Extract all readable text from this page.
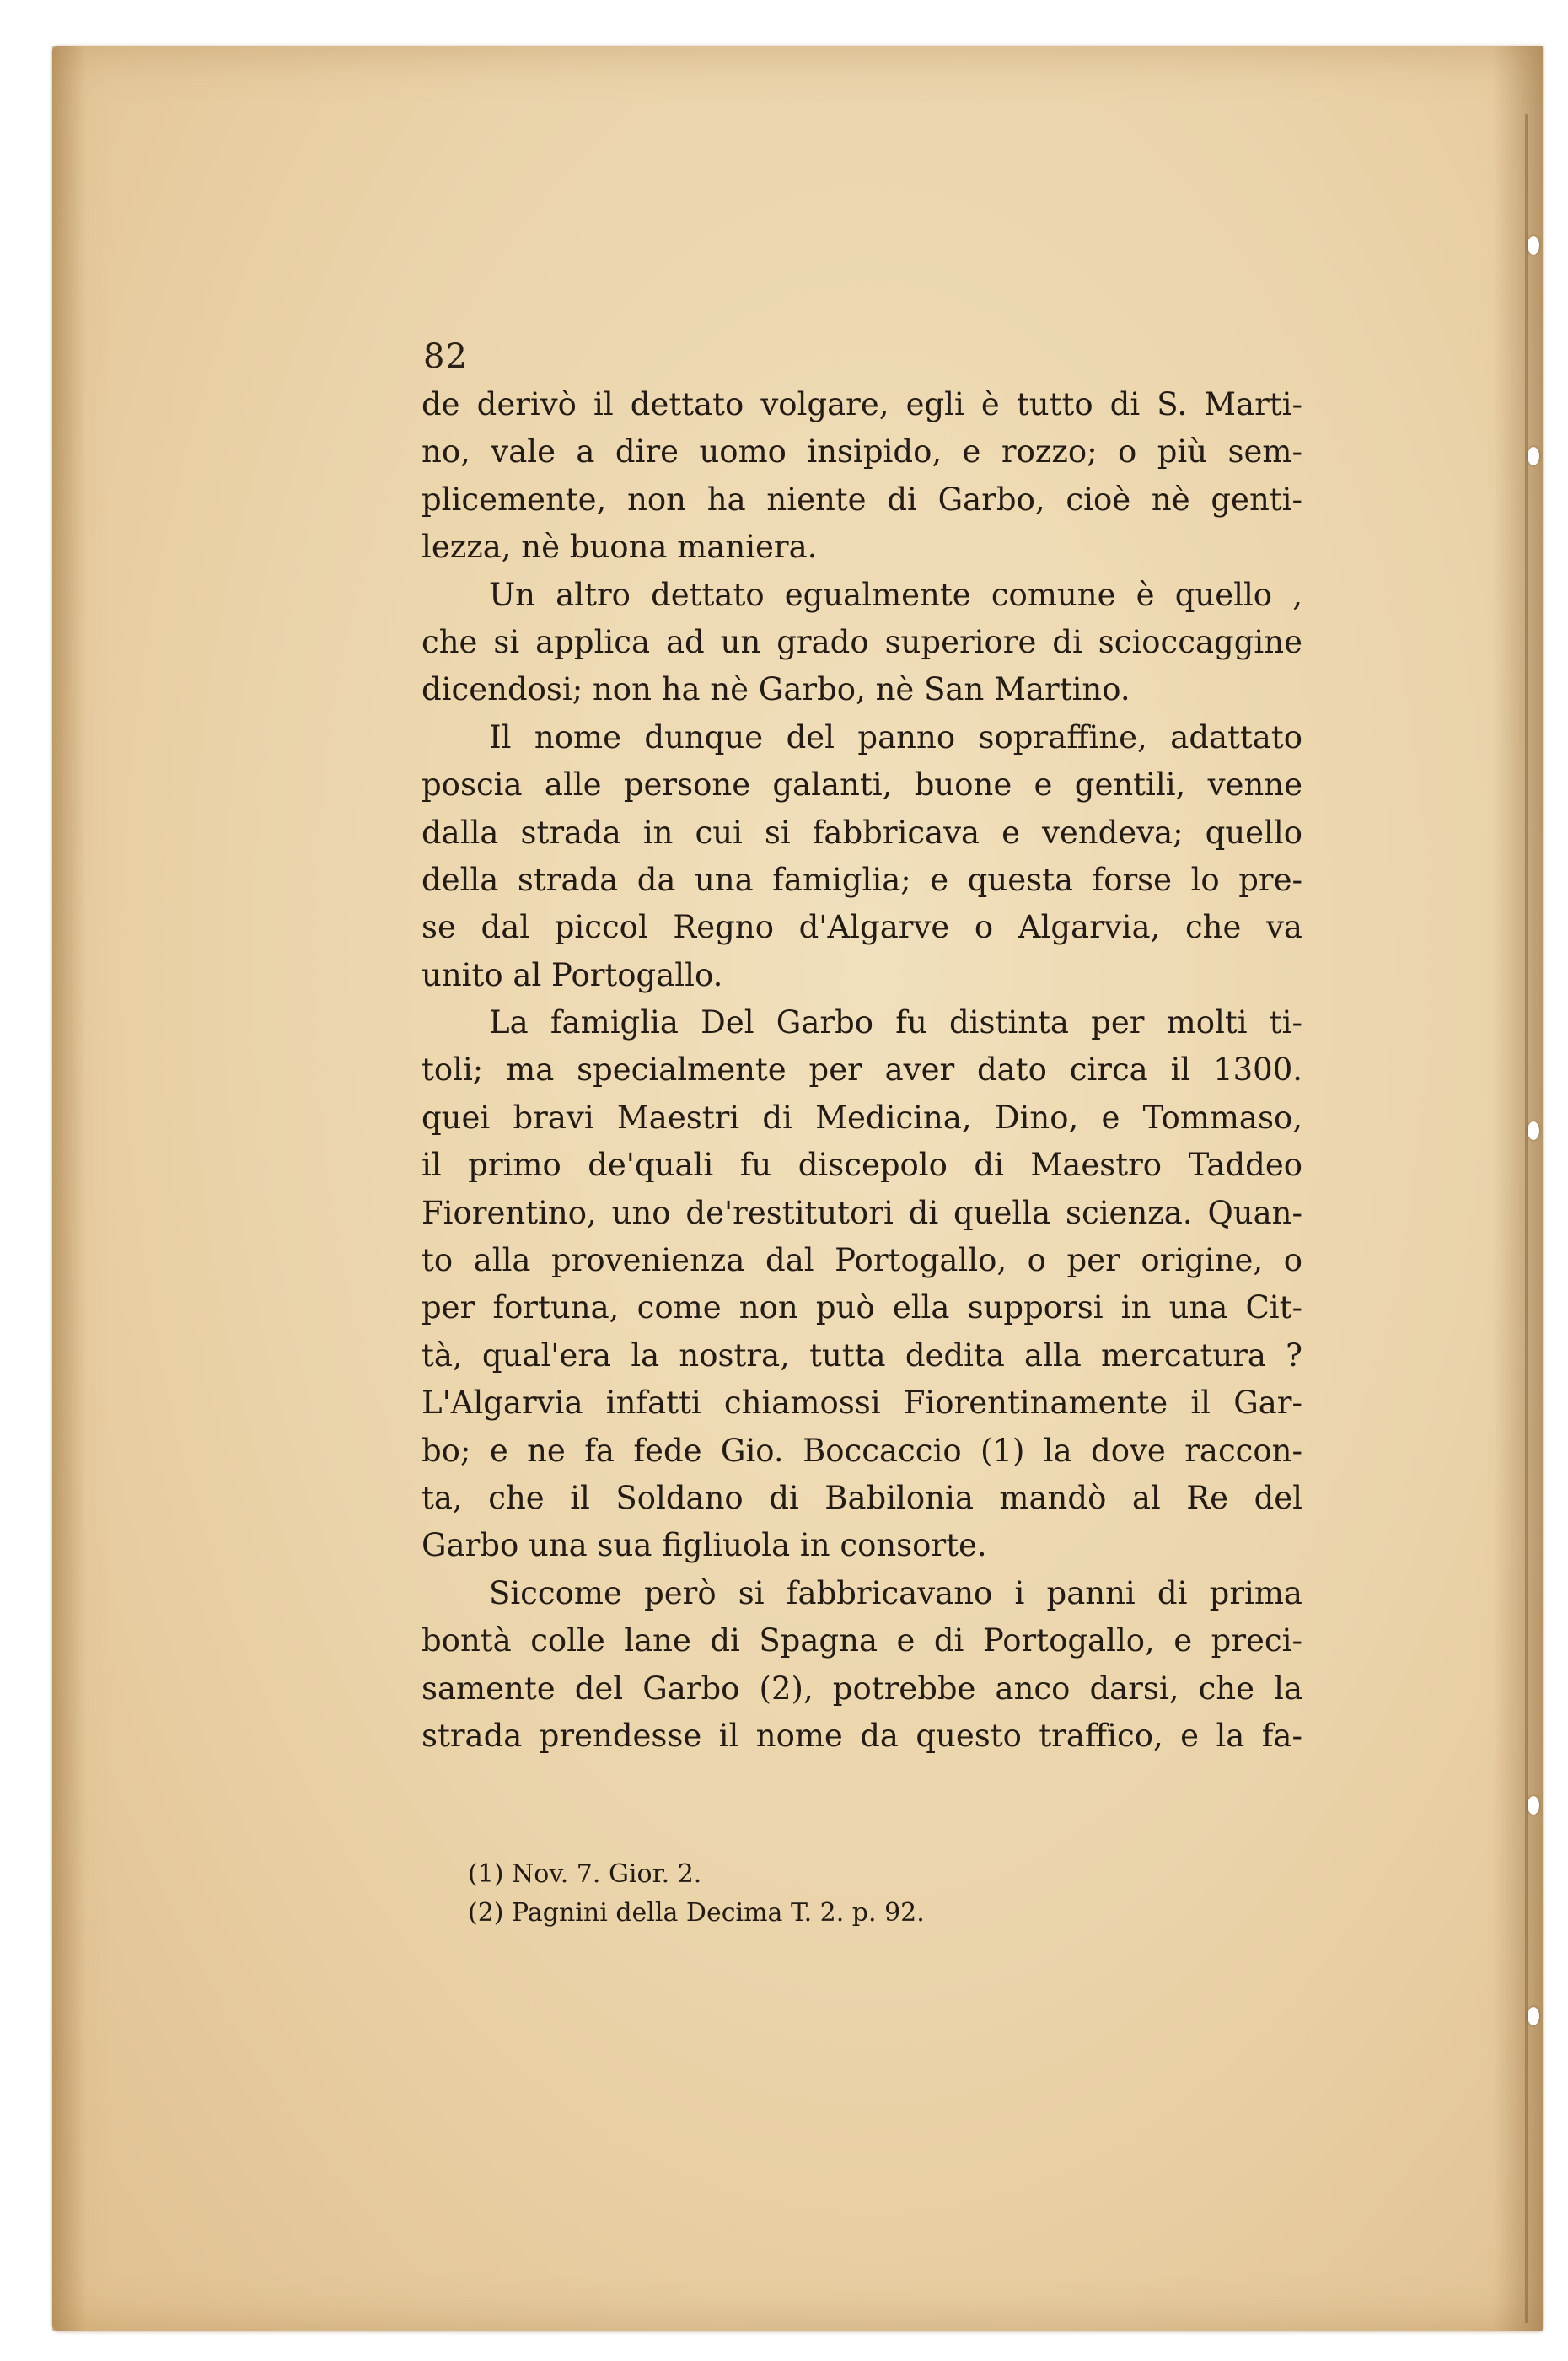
82
de derivò il dettato volgare, egli è tutto di S. Marti-
no, vale a dire uomo insipido, e rozzo; o più sem-
plicemente, non ha niente di Garbo, cioè nè genti-
lezza, nè buona maniera.
Un altro dettato egualmente comune è quello ,
che si applica ad un grado superiore di scioccaggine
dicendosi; non ha nè Garbo, nè San Martino.
Il nome dunque del panno sopraffine, adattato
poscia alle persone galanti, buone e gentili, venne
dalla strada in cui si fabbricava e vendeva; quello
della strada da una famiglia; e questa forse lo pre-
se dal piccol Regno d'Algarve o Algarvia, che va
unito al Portogallo.
La famiglia Del Garbo fu distinta per molti ti-
toli; ma specialmente per aver dato circa il 1300.
quei bravi Maestri di Medicina, Dino, e Tommaso,
il primo de'quali fu discepolo di Maestro Taddeo
Fiorentino, uno de'restitutori di quella scienza. Quan-
to alla provenienza dal Portogallo, o per origine, o
per fortuna, come non può ella supporsi in una Cit-
tà, qual'era la nostra, tutta dedita alla mercatura ?
L'Algarvia infatti chiamossi Fiorentinamente il Gar-
bo; e ne fa fede Gio. Boccaccio (1) la dove raccon-
ta, che il Soldano di Babilonia mandò al Re del
Garbo una sua figliuola in consorte.
Siccome però si fabbricavano i panni di prima
bontà colle lane di Spagna e di Portogallo, e preci-
samente del Garbo (2), potrebbe anco darsi, che la
strada prendesse il nome da questo traffico, e la fa-
(1) Nov. 7. Gior. 2.
(2) Pagnini della Decima T. 2. p. 92.
